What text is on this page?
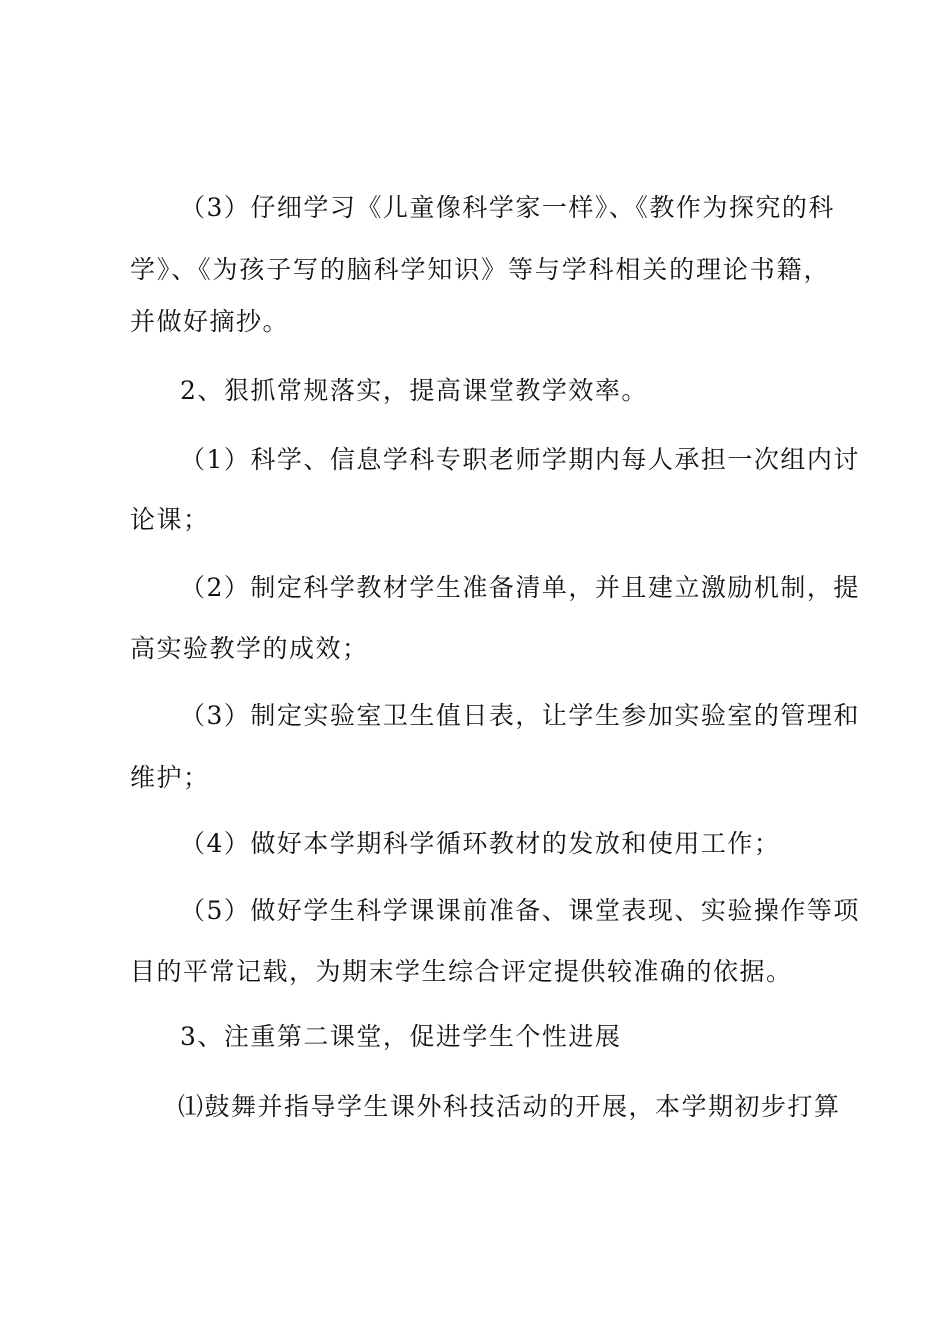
（3）仔细学习《儿童像科学家一样》、《教作为探究的科
学》、《为孩子写的脑科学知识》等与学科相关的理论书籍，
并做好摘抄。
2、狠抓常规落实，提高课堂教学效率。
（1）科学、信息学科专职老师学期内每人承担一次组内讨
论课；
（2）制定科学教材学生准备清单，并且建立激励机制，提
高实验教学的成效；
（3）制定实验室卫生值日表，让学生参加实验室的管理和
维护；
（4）做好本学期科学循环教材的发放和使用工作；
（5）做好学生科学课课前准备、课堂表现、实验操作等项
目的平常记载，为期末学生综合评定提供较准确的依据。
3、注重第二课堂，促进学生个性进展
⑴鼓舞并指导学生课外科技活动的开展，本学期初步打算
